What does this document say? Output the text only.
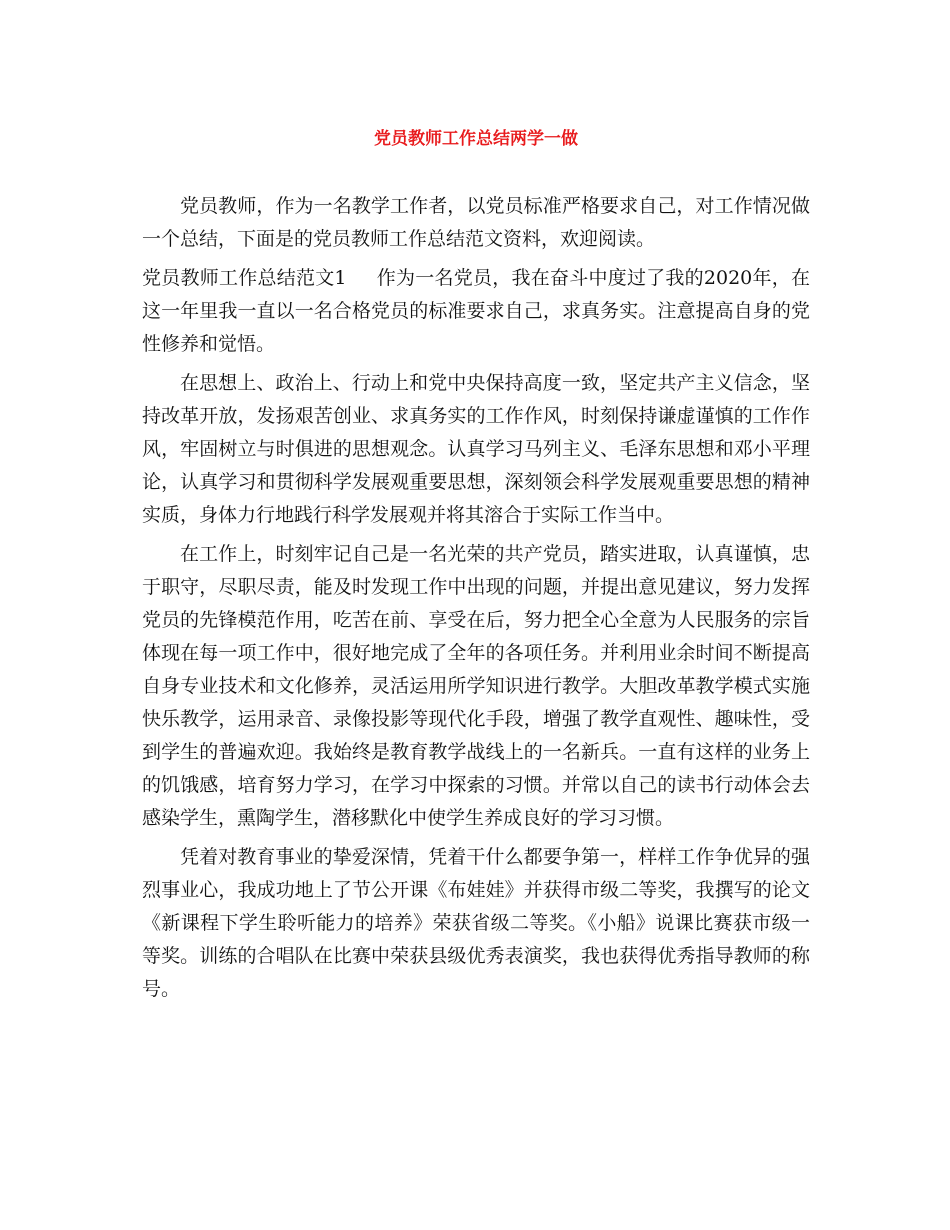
党员教师工作总结两学一做

党员教师，作为一名教学工作者，以党员标准严格要求自己，对工作情况做一个总结，下面是的党员教师工作总结范文资料，欢迎阅读。

党员教师工作总结范文1 作为一名党员，我在奋斗中度过了我的2020年，在这一年里我一直以一名合格党员的标准要求自己，求真务实。注意提高自身的党性修养和觉悟。

在思想上、政治上、行动上和党中央保持高度一致，坚定共产主义信念，坚持改革开放，发扬艰苦创业、求真务实的工作作风，时刻保持谦虚谨慎的工作作风，牢固树立与时俱进的思想观念。认真学习马列主义、毛泽东思想和邓小平理论，认真学习和贯彻科学发展观重要思想，深刻领会科学发展观重要思想的精神实质，身体力行地践行科学发展观并将其溶合于实际工作当中。

在工作上，时刻牢记自己是一名光荣的共产党员，踏实进取，认真谨慎，忠于职守，尽职尽责，能及时发现工作中出现的问题，并提出意见建议，努力发挥党员的先锋模范作用，吃苦在前、享受在后，努力把全心全意为人民服务的宗旨体现在每一项工作中，很好地完成了全年的各项任务。并利用业余时间不断提高自身专业技术和文化修养，灵活运用所学知识进行教学。大胆改革教学模式实施快乐教学，运用录音、录像投影等现代化手段，增强了教学直观性、趣味性，受到学生的普遍欢迎。我始终是教育教学战线上的一名新兵。一直有这样的业务上的饥饿感，培育努力学习，在学习中探索的习惯。并常以自己的读书行动体会去感染学生，熏陶学生，潜移默化中使学生养成良好的学习习惯。

凭着对教育事业的挚爱深情，凭着干什么都要争第一，样样工作争优异的强烈事业心，我成功地上了节公开课《布娃娃》并获得市级二等奖，我撰写的论文《新课程下学生聆听能力的培养》荣获省级二等奖。《小船》说课比赛获市级一等奖。训练的合唱队在比赛中荣获县级优秀表演奖，我也获得优秀指导教师的称号。
